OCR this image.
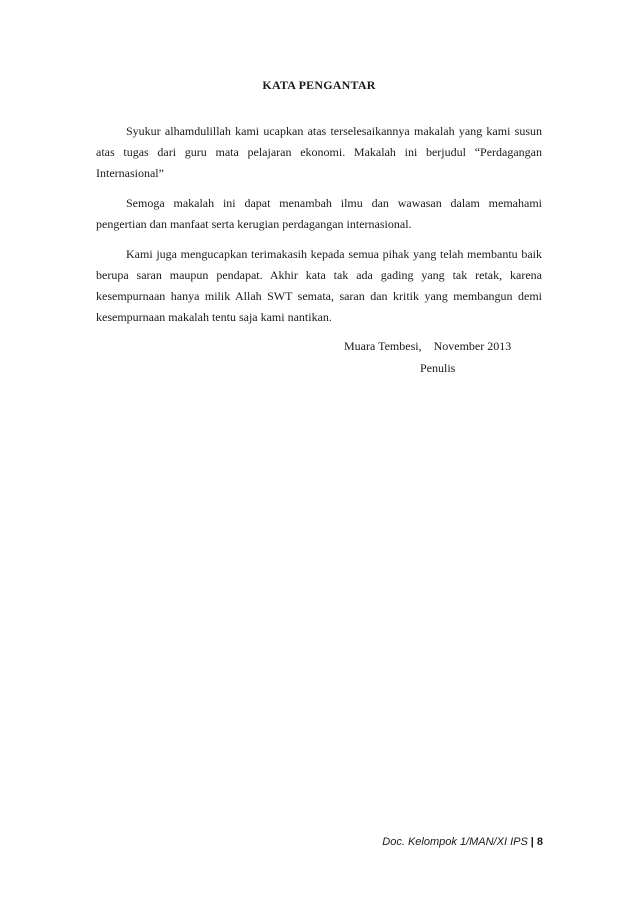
KATA PENGANTAR

Syukur alhamdulillah kami ucapkan atas terselesaikannya makalah yang kami susun atas tugas dari guru mata pelajaran ekonomi. Makalah ini berjudul “Perdagangan Internasional”

Semoga makalah ini dapat menambah ilmu dan wawasan dalam memahami pengertian dan manfaat serta kerugian perdagangan internasional.

Kami juga mengucapkan terimakasih kepada semua pihak yang telah membantu baik berupa saran maupun pendapat. Akhir kata tak ada gading yang tak retak, karena kesempurnaan hanya milik Allah SWT semata, saran dan kritik yang membangun demi kesempurnaan makalah tentu saja kami nantikan.

Muara Tembesi, November 2013
Penulis
Doc. Kelompok 1/MAN/XI IPS | 8
